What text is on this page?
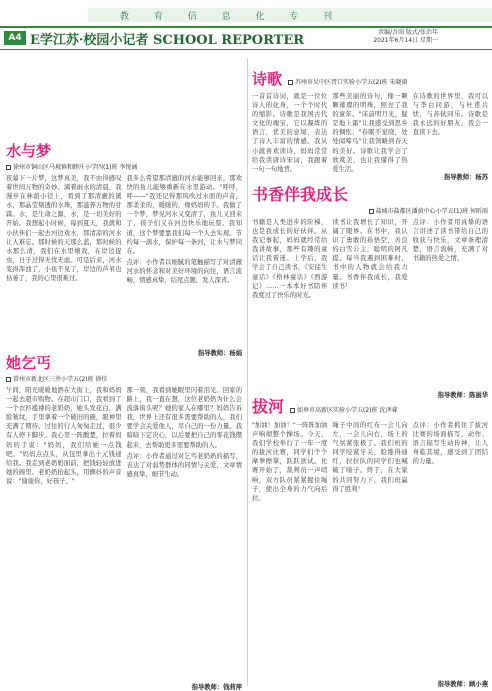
教 育 信 息 化 专 刊
A4 E学江苏·校园小记者 SCHOOL REPORTER
责编/吾雨 版式/张治年
2021年6月14日 星期一
水与梦
徐州市铜山区马坡镇和睦庄小学四(1)班 李悦涵
夜幕下一片梦，这梦真美，我不由得感叹着世间万物的奇妙。滴着雨水的清晨，我漫步在林荫小径上，看到了那清澈的溪水，那晶莹剔透的水珠，那滋养万物的甘霖。水，是生命之源，水，是一切美好的开始。我想起小时候，每到夏天，我就和小伙伴们一起去河边戏水，那清凉的河水让人难忘。那时候的天那么蓝，那时候的水那么清，我们在水里嬉戏，在岸边捉虫，日子过得无忧无虑。可是后来，河水变得浑浊了，小鱼不见了，岸边的芦苇也枯萎了，我的心里很难过。
我多么希望那清澈的河水能够回来，那欢快的鱼儿能够重新在水里游动。"呼呼，呼——"我还记得那风吹过水面的声音，那柔柔的，暖暖的，像妈妈的手。我做了一个梦，梦见河水又变清了，鱼儿又回来了，孩子们又在河边快乐地玩耍。我知道，这个梦要靠我们每一个人去实现。节约每一滴水，保护每一条河，让水与梦同在。
点评：小作者以细腻的笔触描写了对清澈河水的怀念和对美好环境的向往，语言流畅，情感真挚，结尾点题，发人深省。
指导教师：杨娟
她乞丐
常州市新北区三井小学五(2)班 徐佳
午间，阳光暖暖地洒在大街上，我和妈妈一起去超市购物。在超市门口，我看到了一个衣衫褴褛的老奶奶，她头发花白，满脸皱纹，手里拿着一个破旧的碗，眼神里充满了期待。过往的行人匆匆走过，很少有人停下脚步。我心里一阵酸楚，拉着妈妈的手说："妈妈，我们给她一点钱吧。"妈妈点点头，从包里拿出十元钱递给我。我走到老奶奶面前，把钱轻轻放进她的碗里。老奶奶抬起头，用颤抖的声音说："谢谢你，好孩子。"
那一刻，我看到她眼里闪着泪光。回家的路上，我一直在想，这位老奶奶为什么会流落街头呢？她的家人在哪里？妈妈告诉我，世界上还有很多需要帮助的人，我们要学会关爱他人，尽自己的一份力量。我暗暗下定决心，以后要把自己的零花钱攒起来，去帮助更多需要帮助的人。
点评：小作者通过对乞丐老奶奶的描写，表达了对弱势群体的同情与关爱，文章情感真挚，细节生动。
指导教师：钱莉萍
诗歌	苏州市吴中区胥口实验小学五(2)班 朱晓雨
一首首诗词，就是一位位诗人的化身，一个个时代的缩影。诗歌是我国古代文化的瑰宝，它以凝练的语言，优美的意境，表达了诗人丰富的情感。我从小就喜欢读诗，妈妈常常给我读唐诗宋词，我跟着一句一句地背。
那些美丽的诗句，像一颗颗璀璨的明珠，照亮了我的童年。"床前明月光，疑是地上霜"让我感受到思乡的惆怅；"春眠不觉晓，处处闻啼鸟"让我领略到春天的美好。诗歌让我学会了欣赏美，也让我懂得了热爱生活。
在诗歌的世界里，我可以与李白同游，与杜甫共忧，与苏轼同乐。诗歌是我永远的好朋友，我会一直读下去。
指导教师：杨苏
书香伴我成长
盐城市盐都区潘黄中心小学五(1)班 何昕雨
书籍是人类进步的阶梯，也是我成长的好伙伴。从我记事起，妈妈就经常给我讲故事，那些有趣的童话让我着迷。上学后，我学会了自己读书，《安徒生童话》《格林童话》《西游记》……一本本好书陪伴我度过了快乐的时光。
读书让我增长了知识，开阔了眼界。在书中，我认识了勇敢的孙悟空，善良的白雪公主，聪明的阿凡提。每当我遇到困难时，书中的人物就会给我力量。书香伴我成长，我爱读书！
点评：小作者用真挚的语言讲述了读书带给自己的收获与快乐，文章条理清楚，语言流畅，充满了对书籍的热爱之情。
指导教师：陈丽华
拔河	如皋市高新区实验小学五(2)班 沈泽睿
"加油！加油！"一阵阵加油声响彻整个操场。今天，我们学校举行了一年一度的拔河比赛，同学们个个摩拳擦掌，跃跃欲试。比赛开始了，裁判员一声哨响，双方队员紧紧握住绳子，使出全身的力气向后拉。
绳子中间的红布一会儿向左，一会儿向右，场上的气氛紧张极了。我们班的同学咬紧牙关，脸涨得通红，拉拉队的同学们也喊破了嗓子。终于，在大家的共同努力下，我们班赢得了胜利！
点评：小作者抓住了拔河比赛的场面描写，动作、语言描写生动传神，让人身临其境，感受到了团结的力量。
指导教师：顾小燕
